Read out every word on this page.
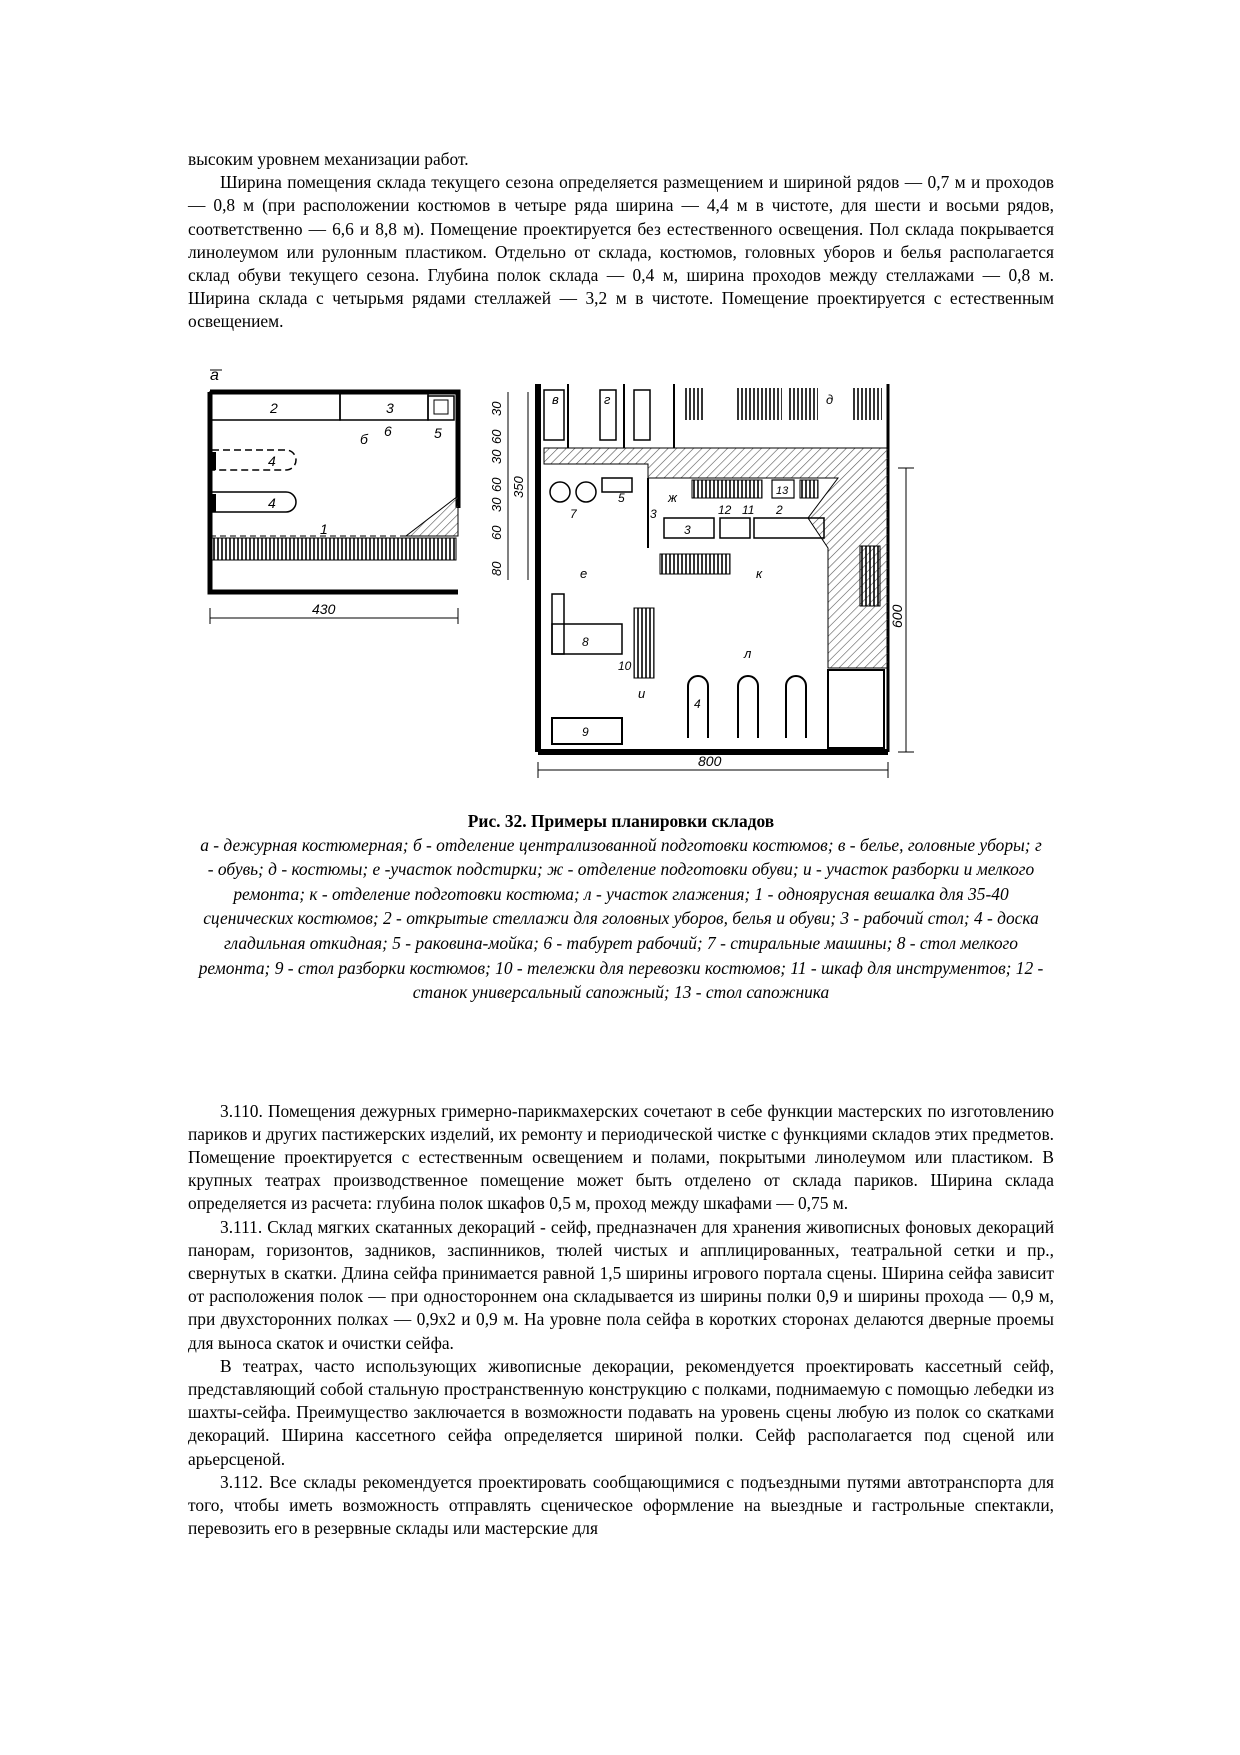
высоким уровнем механизации работ.

Ширина помещения склада текущего сезона определяется размещением и шириной рядов — 0,7 м и проходов — 0,8 м (при расположении костюмов в четыре ряда ширина — 4,4 м в чистоте, для шести и восьми рядов, соответственно — 6,6 и 8,8 м). Помещение проектируется без естественного освещения. Пол склада покрывается линолеумом или рулонным пластиком. Отдельно от склада, костюмов, головных уборов и белья располагается склад обуви текущего сезона. Глубина полок склада — 0,4 м, ширина проходов между стеллажами — 0,8 м. Ширина склада с четырьмя рядами стеллажей — 3,2 м в чистоте. Помещение проектируется с естественным освещением.

а
2	3
5
6
б
4
4
1
430
30
60
30
60
30
60
80
350
в	г	д
ж
е	к
л
и
5
7	3
3
12 11 2
13
8
10
4
9
800
600
Рис. 32. Примеры планировки складов
а - дежурная костюмерная; б - отделение централизованной подготовки костюмов; в - белье, головные уборы; г - обувь; д - костюмы; е -участок подстирки; ж - отделение подготовки обуви; и - участок разборки и мелкого ремонта; к - отделение подготовки костюма; л - участок глажения; 1 - одноярусная вешалка для 35-40 сценических костюмов; 2 - открытые стеллажи для головных уборов, белья и обуви; 3 - рабочий стол; 4 - доска гладильная откидная; 5 - раковина-мойка; 6 - табурет рабочий; 7 - стиральные машины; 8 - стол мелкого ремонта; 9 - стол разборки костюмов; 10 - тележки для перевозки костюмов; 11 - шкаф для инструментов; 12 - станок универсальный сапожный; 13 - стол сапожника

3.110. Помещения дежурных гримерно-парикмахерских сочетают в себе функции мастерских по изготовлению париков и других пастижерских изделий, их ремонту и периодической чистке с функциями складов этих предметов. Помещение проектируется с естественным освещением и полами, покрытыми линолеумом или пластиком. В крупных театрах производственное помещение может быть отделено от склада париков. Ширина склада определяется из расчета: глубина полок шкафов 0,5 м, проход между шкафами — 0,75 м.

3.111. Склад мягких скатанных декораций - сейф, предназначен для хранения живописных фоновых декораций панорам, горизонтов, задников, заспинников, тюлей чистых и апплицированных, театральной сетки и пр., свернутых в скатки. Длина сейфа принимается равной 1,5 ширины игрового портала сцены. Ширина сейфа зависит от расположения полок — при одностороннем она складывается из ширины полки 0,9 и ширины прохода — 0,9 м, при двухсторонних полках — 0,9x2 и 0,9 м. На уровне пола сейфа в коротких сторонах делаются дверные проемы для выноса скаток и очистки сейфа.

В театрах, часто использующих живописные декорации, рекомендуется проектировать кассетный сейф, представляющий собой стальную пространственную конструкцию с полками, поднимаемую с помощью лебедки из шахты-сейфа. Преимущество заключается в возможности подавать на уровень сцены любую из полок со скатками декораций. Ширина кассетного сейфа определяется шириной полки. Сейф располагается под сценой или арьерсценой.

3.112. Все склады рекомендуется проектировать сообщающимися с подъездными путями автотранспорта для того, чтобы иметь возможность отправлять сценическое оформление на выездные и гастрольные спектакли, перевозить его в резервные склады или мастерские для
